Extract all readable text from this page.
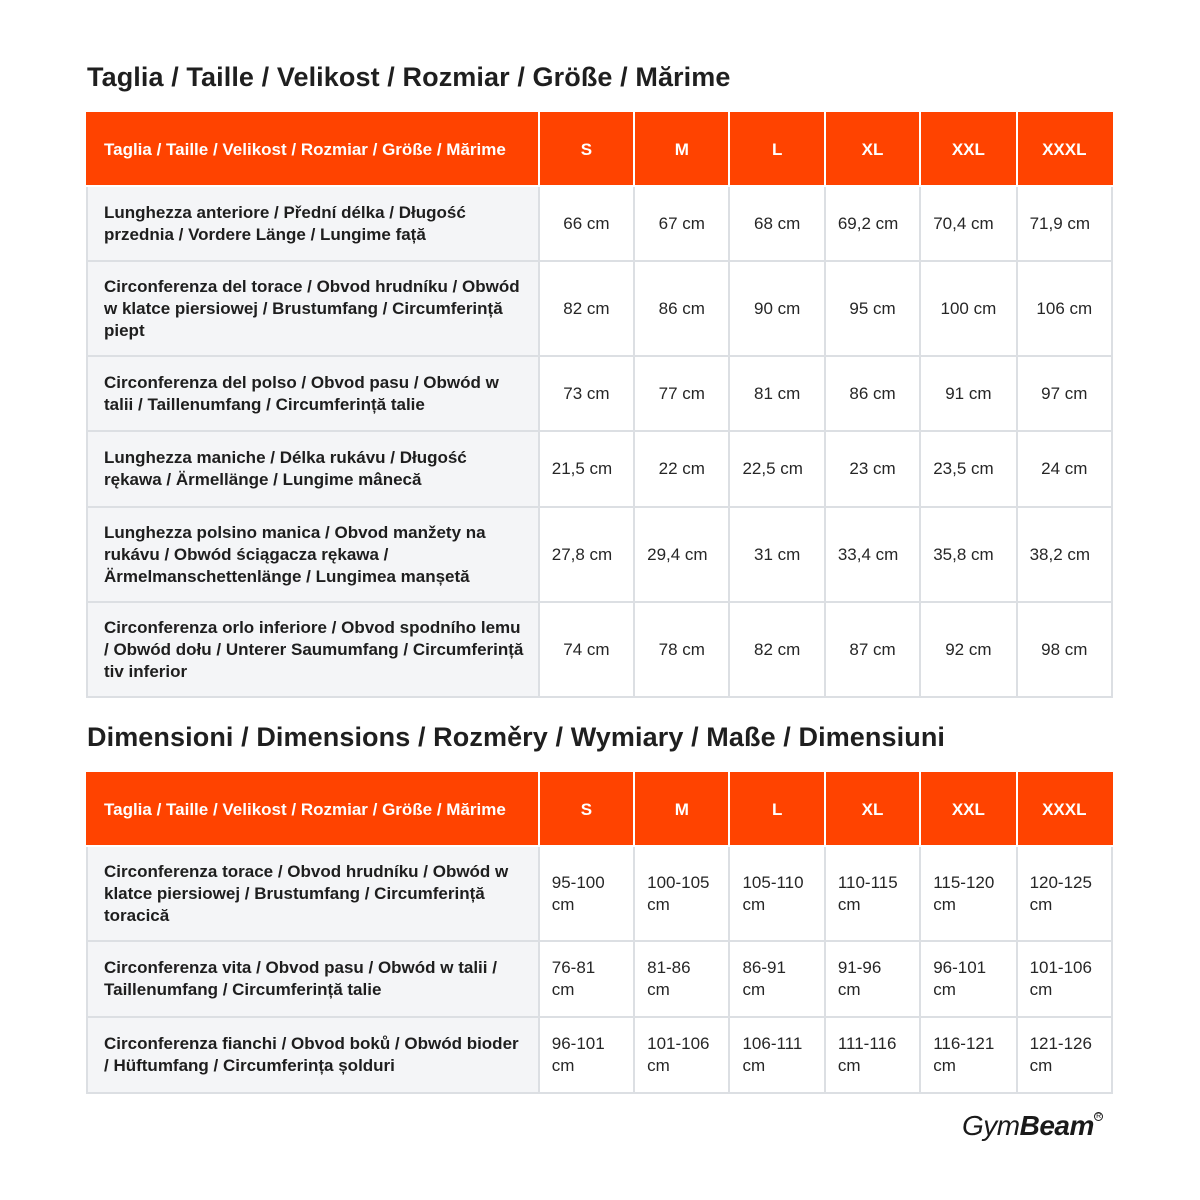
Taglia / Taille / Velikost / Rozmiar / Größe / Mărime
Taglia / Taille / Velikost / Rozmiar / Größe / Mărime	S	M	L	XL	XXL	XXXL
Lunghezza anteriore / Přední délka / Długość przednia / Vordere Länge / Lungime față	66 cm	67 cm	68 cm	69,2 cm	70,4 cm	71,9 cm
Circonferenza del torace / Obvod hrudníku / Obwód w klatce piersiowej / Brustumfang / Circumferință piept	82 cm	86 cm	90 cm	95 cm	100 cm	106 cm
Circonferenza del polso / Obvod pasu / Obwód w talii / Taillenumfang / Circumferință talie	73 cm	77 cm	81 cm	86 cm	91 cm	97 cm
Lunghezza maniche / Délka rukávu / Długość rękawa / Ärmellänge / Lungime mânecă	21,5 cm	22 cm	22,5 cm	23 cm	23,5 cm	24 cm
Lunghezza polsino manica / Obvod manžety na rukávu / Obwód ściągacza rękawa / Ärmelmanschettenlänge / Lungimea manșetă	27,8 cm	29,4 cm	31 cm	33,4 cm	35,8 cm	38,2 cm
Circonferenza orlo inferiore / Obvod spodního lemu / Obwód dołu / Unterer Saumumfang / Circumferință tiv inferior	74 cm	78 cm	82 cm	87 cm	92 cm	98 cm
Dimensioni / Dimensions / Rozměry / Wymiary / Maße / Dimensiuni
Taglia / Taille / Velikost / Rozmiar / Größe / Mărime	S	M	L	XL	XXL	XXXL
Circonferenza torace / Obvod hrudníku / Obwód w klatce piersiowej / Brustumfang / Circumferință toracică	95-100 cm	100-105 cm	105-110 cm	110-115 cm	115-120 cm	120-125 cm
Circonferenza vita / Obvod pasu / Obwód w talii / Taillenumfang / Circumferință talie	76-81 cm	81-86 cm	86-91 cm	91-96 cm	96-101 cm	101-106 cm
Circonferenza fianchi / Obvod boků / Obwód bioder / Hüftumfang / Circumferința șolduri	96-101 cm	101-106 cm	106-111 cm	111-116 cm	116-121 cm	121-126 cm
GymBeam R
